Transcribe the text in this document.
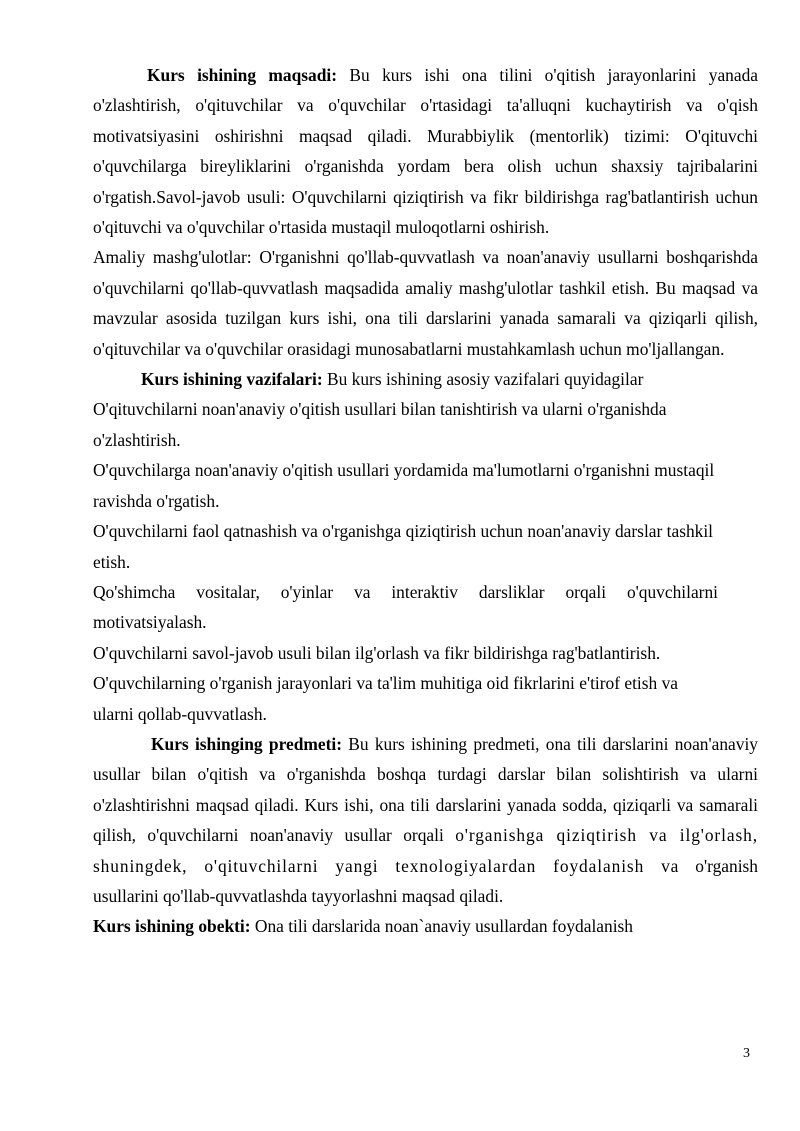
Kurs ishining maqsadi: Bu kurs ishi ona tilini o'qitish jarayonlarini yanada o'zlashtirish, o'qituvchilar va o'quvchilar o'rtasidagi ta'alluqni kuchaytirish va o'qish motivatsiyasini oshirishni maqsad qiladi. Murabbiylik (mentorlik) tizimi: O'qituvchi o'quvchilarga bireyliklarini o'rganishda yordam bera olish uchun shaxsiy tajribalarini o'rgatish.Savol-javob usuli: O'quvchilarni qiziqtirish va fikr bildirishga rag'batlantirish uchun o'qituvchi va o'quvchilar o'rtasida mustaqil muloqotlarni oshirish.

Amaliy mashg'ulotlar: O'rganishni qo'llab-quvvatlash va noan'anaviy usullarni boshqarishda o'quvchilarni qo'llab-quvvatlash maqsadida amaliy mashg'ulotlar tashkil etish. Bu maqsad va mavzular asosida tuzilgan kurs ishi, ona tili darslarini yanada samarali va qiziqarli qilish, o'qituvchilar va o'quvchilar orasidagi munosabatlarni mustahkamlash uchun mo'ljallangan.

Kurs ishining vazifalari: Bu kurs ishining asosiy vazifalari quyidagilar

O'qituvchilarni noan'anaviy o'qitish usullari bilan tanishtirish va ularni o'rganishda o'zlashtirish.

O'quvchilarga noan'anaviy o'qitish usullari yordamida ma'lumotlarni o'rganishni mustaqil ravishda o'rgatish.

O'quvchilarni faol qatnashish va o'rganishga qiziqtirish uchun noan'anaviy darslar tashkil etish.

Qo'shimcha vositalar, o'yinlar va interaktiv darsliklar orqali o'quvchilarni motivatsiyalash.

O'quvchilarni savol-javob usuli bilan ilg'orlash va fikr bildirishga rag'batlantirish.

O'quvchilarning o'rganish jarayonlari va ta'lim muhitiga oid fikrlarini e'tirof etish va ularni qollab-quvvatlash.

Kurs ishinging predmeti: Bu kurs ishining predmeti, ona tili darslarini noan'anaviy usullar bilan o'qitish va o'rganishda boshqa turdagi darslar bilan solishtirish va ularni o'zlashtirishni maqsad qiladi. Kurs ishi, ona tili darslarini yanada sodda, qiziqarli va samarali qilish, o'quvchilarni noan'anaviy usullar orqali o'rganishga qiziqtirish va ilg'orlash, shuningdek, o'qituvchilarni yangi texnologiyalardan foydalanish va o'rganish usullarini qo'llab-quvvatlashda tayyorlashni maqsad qiladi.

Kurs ishining obekti: Ona tili darslarida noan`anaviy usullardan foydalanish

3
